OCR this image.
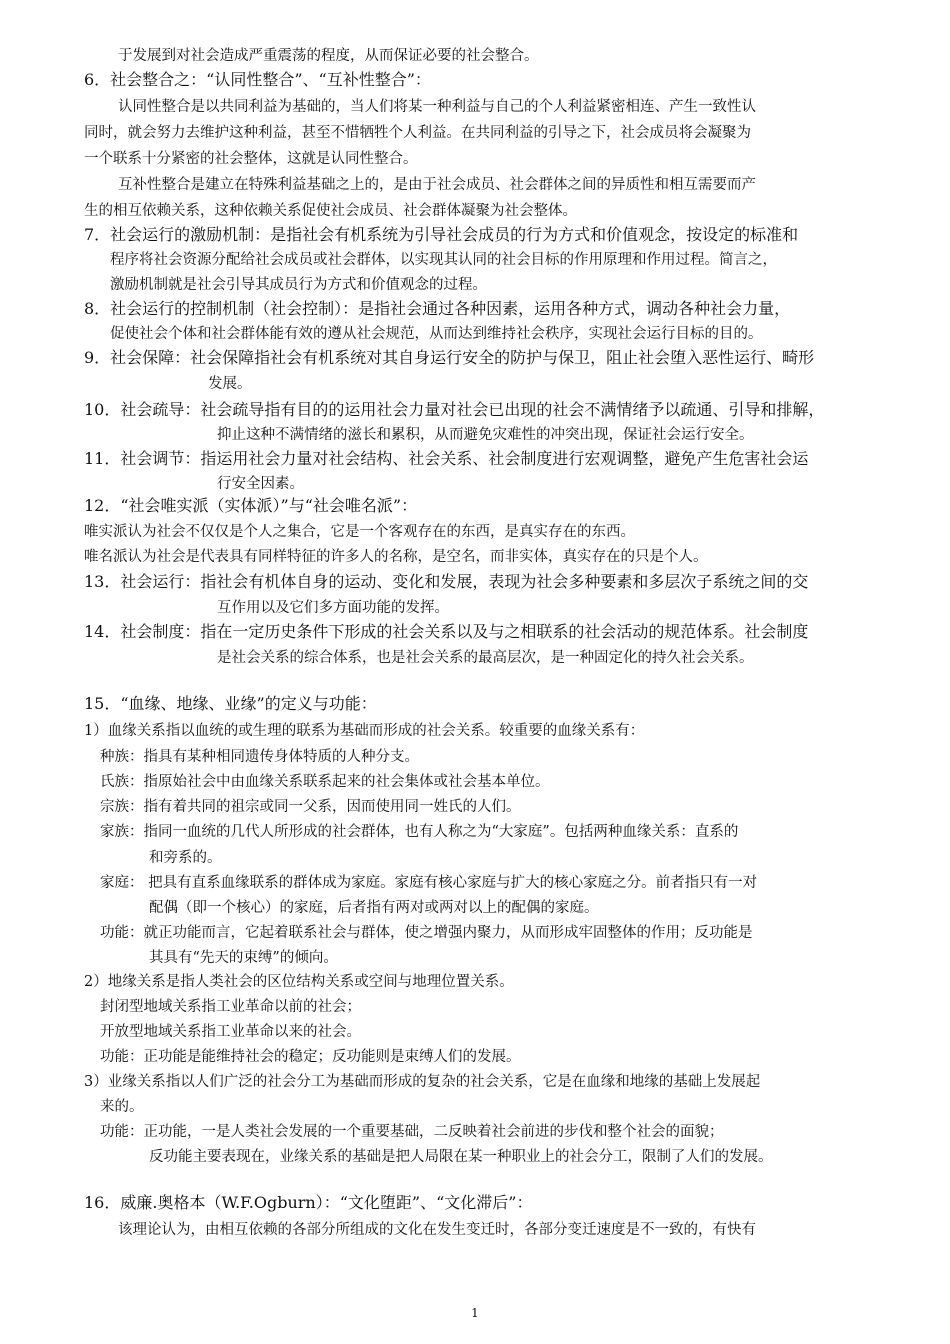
于发展到对社会造成严重震荡的程度，从而保证必要的社会整合。
6．社会整合之：“认同性整合”、“互补性整合”：
认同性整合是以共同利益为基础的，当人们将某一种利益与自己的个人利益紧密相连、产生一致性认
同时，就会努力去维护这种利益，甚至不惜牺牲个人利益。在共同利益的引导之下，社会成员将会凝聚为
一个联系十分紧密的社会整体，这就是认同性整合。
互补性整合是建立在特殊利益基础之上的，是由于社会成员、社会群体之间的异质性和相互需要而产
生的相互依赖关系，这种依赖关系促使社会成员、社会群体凝聚为社会整体。
7．社会运行的激励机制：是指社会有机系统为引导社会成员的行为方式和价值观念，按设定的标准和
程序将社会资源分配给社会成员或社会群体，以实现其认同的社会目标的作用原理和作用过程。简言之，
激励机制就是社会引导其成员行为方式和价值观念的过程。
8．社会运行的控制机制（社会控制）：是指社会通过各种因素，运用各种方式，调动各种社会力量，
促使社会个体和社会群体能有效的遵从社会规范，从而达到维持社会秩序，实现社会运行目标的目的。
9．社会保障：社会保障指社会有机系统对其自身运行安全的防护与保卫，阻止社会堕入恶性运行、畸形
发展。
10．社会疏导：社会疏导指有目的的运用社会力量对社会已出现的社会不满情绪予以疏通、引导和排解，
抑止这种不满情绪的滋长和累积，从而避免灾难性的冲突出现，保证社会运行安全。
11．社会调节：指运用社会力量对社会结构、社会关系、社会制度进行宏观调整，避免产生危害社会运
行安全因素。
12．“社会唯实派（实体派）”与“社会唯名派”：
唯实派认为社会不仅仅是个人之集合，它是一个客观存在的东西，是真实存在的东西。
唯名派认为社会是代表具有同样特征的许多人的名称，是空名，而非实体，真实存在的只是个人。
13．社会运行：指社会有机体自身的运动、变化和发展，表现为社会多种要素和多层次子系统之间的交
互作用以及它们多方面功能的发挥。
14．社会制度：指在一定历史条件下形成的社会关系以及与之相联系的社会活动的规范体系。社会制度
是社会关系的综合体系，也是社会关系的最高层次，是一种固定化的持久社会关系。
15．“血缘、地缘、业缘”的定义与功能：
1）血缘关系指以血统的或生理的联系为基础而形成的社会关系。较重要的血缘关系有：
种族：指具有某种相同遗传身体特质的人种分支。
氏族：指原始社会中由血缘关系联系起来的社会集体或社会基本单位。
宗族：指有着共同的祖宗或同一父系，因而使用同一姓氏的人们。
家族：指同一血统的几代人所形成的社会群体，也有人称之为“大家庭”。包括两种血缘关系：直系的
和旁系的。
家庭： 把具有直系血缘联系的群体成为家庭。家庭有核心家庭与扩大的核心家庭之分。前者指只有一对
配偶（即一个核心）的家庭，后者指有两对或两对以上的配偶的家庭。
功能：就正功能而言，它起着联系社会与群体，使之增强内聚力，从而形成牢固整体的作用；反功能是
其具有“先天的束缚”的倾向。
2）地缘关系是指人类社会的区位结构关系或空间与地理位置关系。
封闭型地域关系指工业革命以前的社会；
开放型地域关系指工业革命以来的社会。
功能：正功能是能维持社会的稳定；反功能则是束缚人们的发展。
3）业缘关系指以人们广泛的社会分工为基础而形成的复杂的社会关系，它是在血缘和地缘的基础上发展起
来的。
功能：正功能，一是人类社会发展的一个重要基础，二反映着社会前进的步伐和整个社会的面貌；
反功能主要表现在，业缘关系的基础是把人局限在某一种职业上的社会分工，限制了人们的发展。
16．威廉.奥格本（W.F.Ogburn）：“文化堕距”、“文化滞后”：
该理论认为，由相互依赖的各部分所组成的文化在发生变迁时，各部分变迁速度是不一致的，有快有
1
